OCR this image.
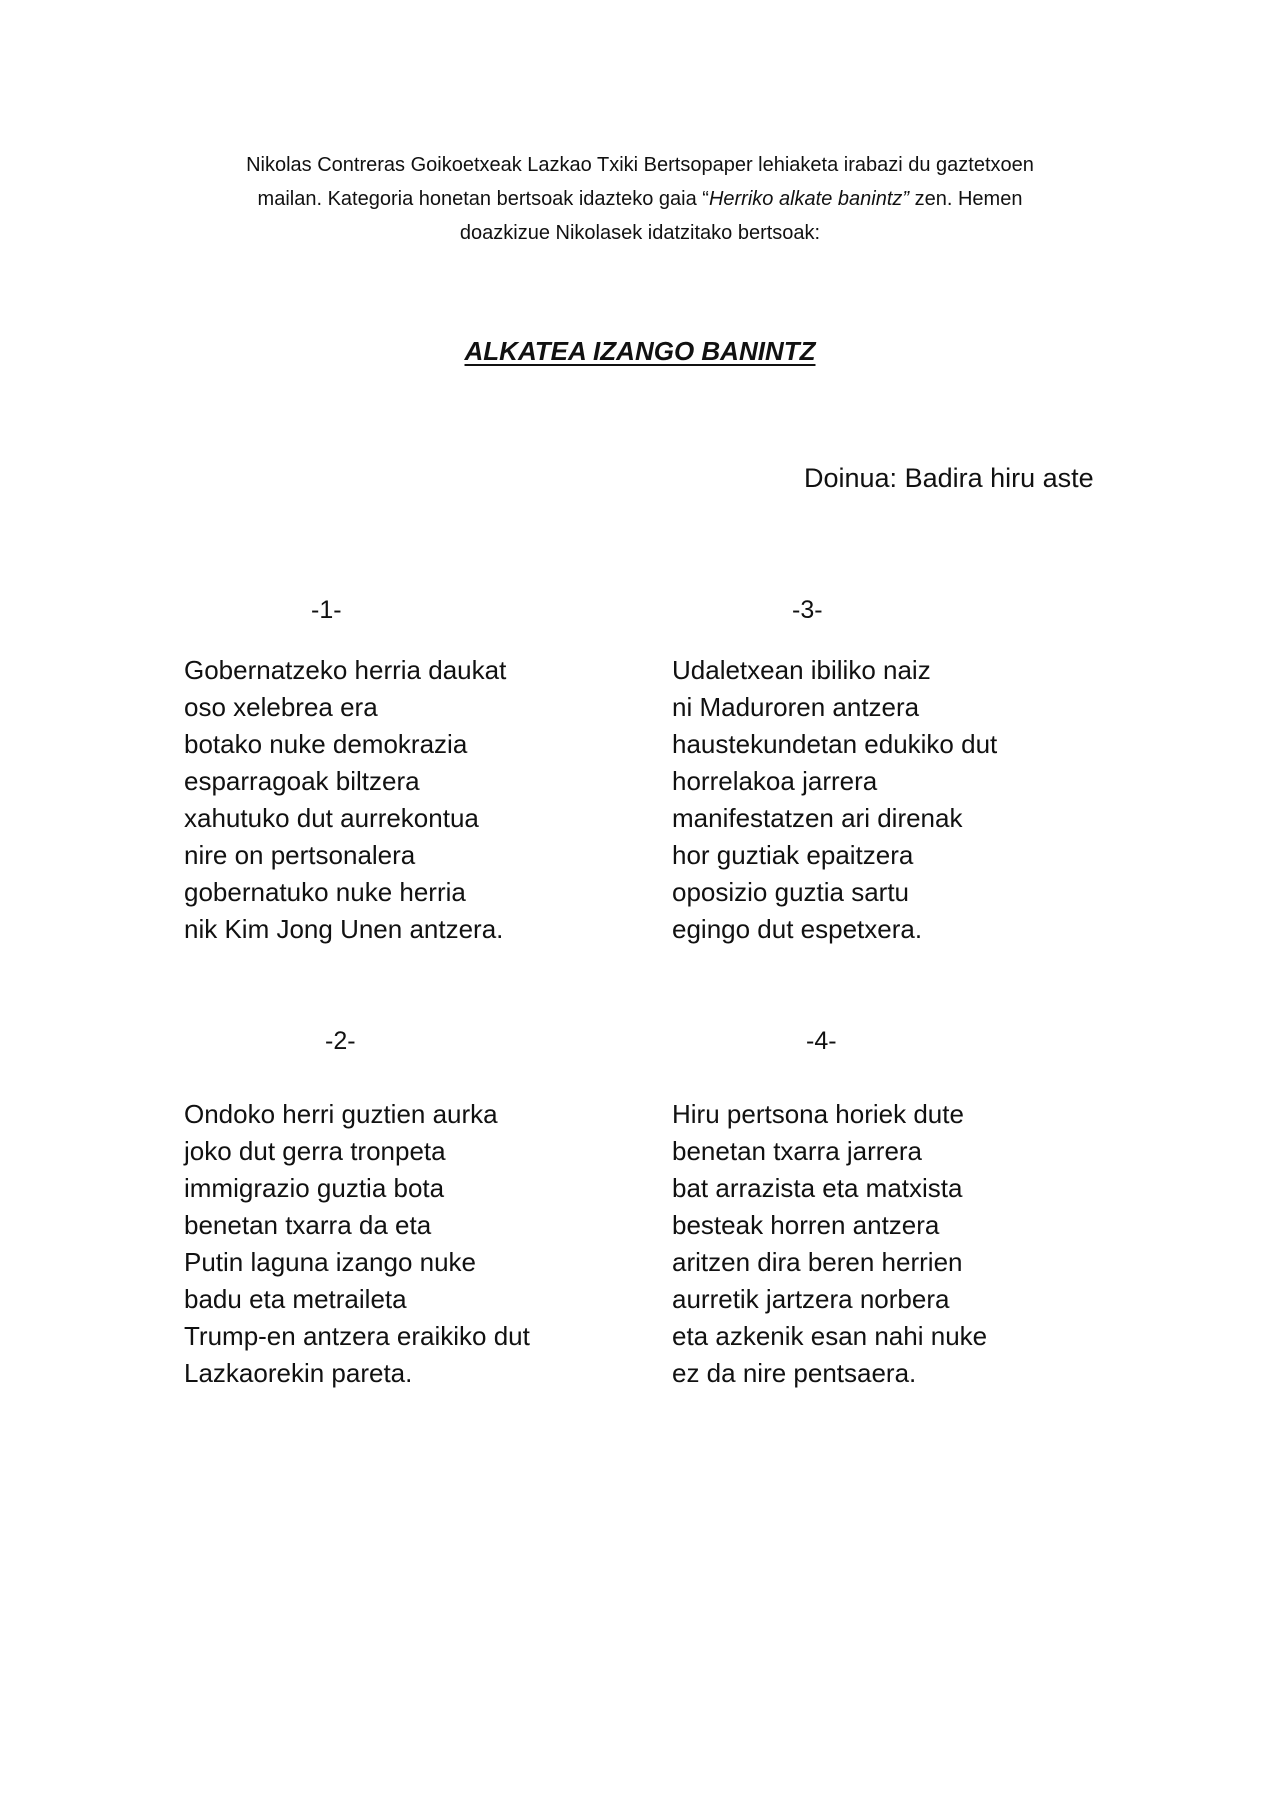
Nikolas Contreras Goikoetxeak Lazkao Txiki Bertsopaper lehiaketa irabazi du gaztetxoen

mailan. Kategoria honetan bertsoak idazteko gaia “Herriko alkate banintz” zen. Hemen

doazkizue Nikolasek idatzitako bertsoak:

ALKATEA IZANGO BANINTZ

Doinua: Badira hiru aste

-1-

Gobernatzeko herria daukat
oso xelebrea era
botako nuke demokrazia
esparragoak biltzera
xahutuko dut aurrekontua
nire on pertsonalera
gobernatuko nuke herria
nik Kim Jong Unen antzera.

-2-

Ondoko herri guztien aurka
joko dut gerra tronpeta
immigrazio guztia bota
benetan txarra da eta
Putin laguna izango nuke
badu eta metraileta
Trump-en antzera eraikiko dut
Lazkaorekin pareta.

-3-

Udaletxean ibiliko naiz
ni Maduroren antzera
haustekundetan edukiko dut
horrelakoa jarrera
manifestatzen ari direnak
hor guztiak epaitzera
oposizio guztia sartu
egingo dut espetxera.

-4-

Hiru pertsona horiek dute
benetan txarra jarrera
bat arrazista eta matxista
besteak horren antzera
aritzen dira beren herrien
aurretik jartzera norbera
eta azkenik esan nahi nuke
ez da nire pentsaera.
